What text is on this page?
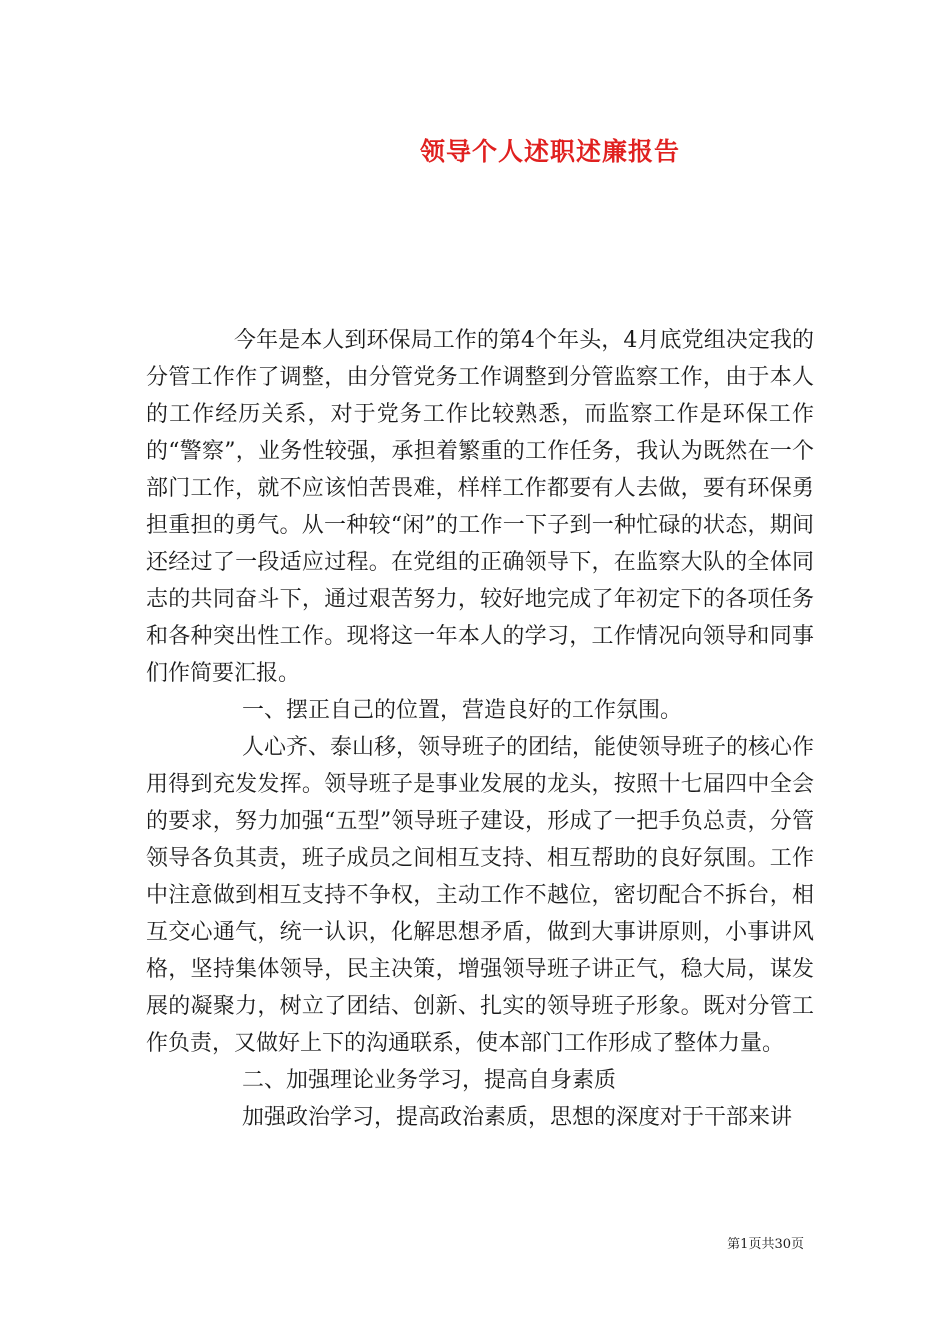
领导个人述职述廉报告

今年是本人到环保局工作的第4个年头，4月底党组决定我的分管工作作了调整，由分管党务工作调整到分管监察工作，由于本人的工作经历关系，对于党务工作比较熟悉，而监察工作是环保工作的“警察”，业务性较强，承担着繁重的工作任务，我认为既然在一个部门工作，就不应该怕苦畏难，样样工作都要有人去做，要有环保勇担重担的勇气。从一种较“闲”的工作一下子到一种忙碌的状态，期间还经过了一段适应过程。在党组的正确领导下，在监察大队的全体同志的共同奋斗下，通过艰苦努力，较好地完成了年初定下的各项任务和各种突出性工作。现将这一年本人的学习，工作情况向领导和同事们作简要汇报。

一、摆正自己的位置，营造良好的工作氛围。

人心齐、泰山移，领导班子的团结，能使领导班子的核心作用得到充发发挥。领导班子是事业发展的龙头，按照十七届四中全会的要求，努力加强“五型”领导班子建设，形成了一把手负总责，分管领导各负其责，班子成员之间相互支持、相互帮助的良好氛围。工作中注意做到相互支持不争权，主动工作不越位，密切配合不拆台，相互交心通气，统一认识，化解思想矛盾，做到大事讲原则，小事讲风格，坚持集体领导，民主决策，增强领导班子讲正气，稳大局，谋发展的凝聚力，树立了团结、创新、扎实的领导班子形象。既对分管工作负责，又做好上下的沟通联系，使本部门工作形成了整体力量。

二、加强理论业务学习，提高自身素质

加强政治学习，提高政治素质，思想的深度对于干部来讲

第1页共30页
